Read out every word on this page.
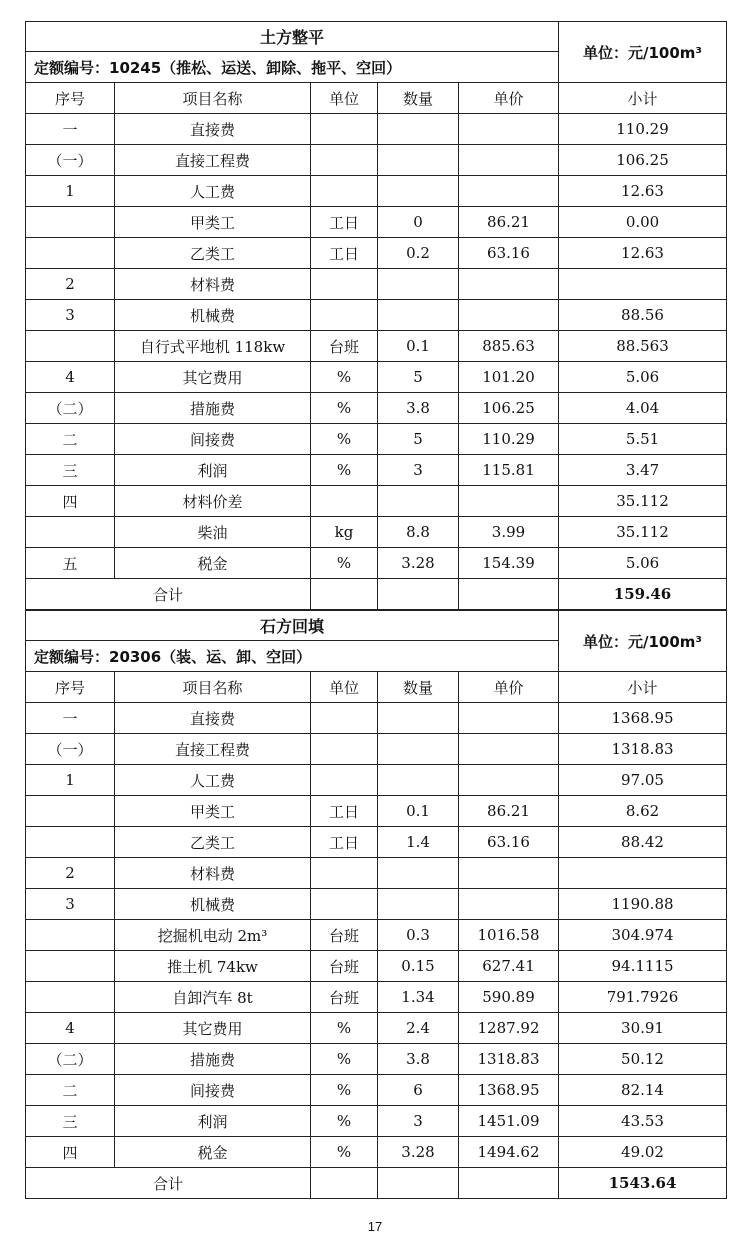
土方整平					单位：元/100m³
定额编号：10245（推松、运送、卸除、拖平、空回）					
序号	项目名称	单位	数量	单价	小计
一	直接费				110.29
（一）	直接工程费				106.25
1	人工费				12.63
	甲类工	工日	0	86.21	0.00
	乙类工	工日	0.2	63.16	12.63
2	材料费				
3	机械费				88.56
	自行式平地机 118kw	台班	0.1	885.63	88.563
4	其它费用	%	5	101.20	5.06
（二）	措施费	%	3.8	106.25	4.04
二	间接费	%	5	110.29	5.51
三	利润	%	3	115.81	3.47
四	材料价差				35.112
	柴油	kg	8.8	3.99	35.112
五	税金	%	3.28	154.39	5.06
合计					159.46
石方回填					单位：元/100m³
定额编号：20306（装、运、卸、空回）					
序号	项目名称	单位	数量	单价	小计
一	直接费				1368.95
（一）	直接工程费				1318.83
1	人工费				97.05
	甲类工	工日	0.1	86.21	8.62
	乙类工	工日	1.4	63.16	88.42
2	材料费				
3	机械费				1190.88
	挖掘机电动 2m³	台班	0.3	1016.58	304.974
	推土机 74kw	台班	0.15	627.41	94.1115
	自卸汽车 8t	台班	1.34	590.89	791.7926
4	其它费用	%	2.4	1287.92	30.91
（二）	措施费	%	3.8	1318.83	50.12
二	间接费	%	6	1368.95	82.14
三	利润	%	3	1451.09	43.53
四	税金	%	3.28	1494.62	49.02
合计					1543.64
17
